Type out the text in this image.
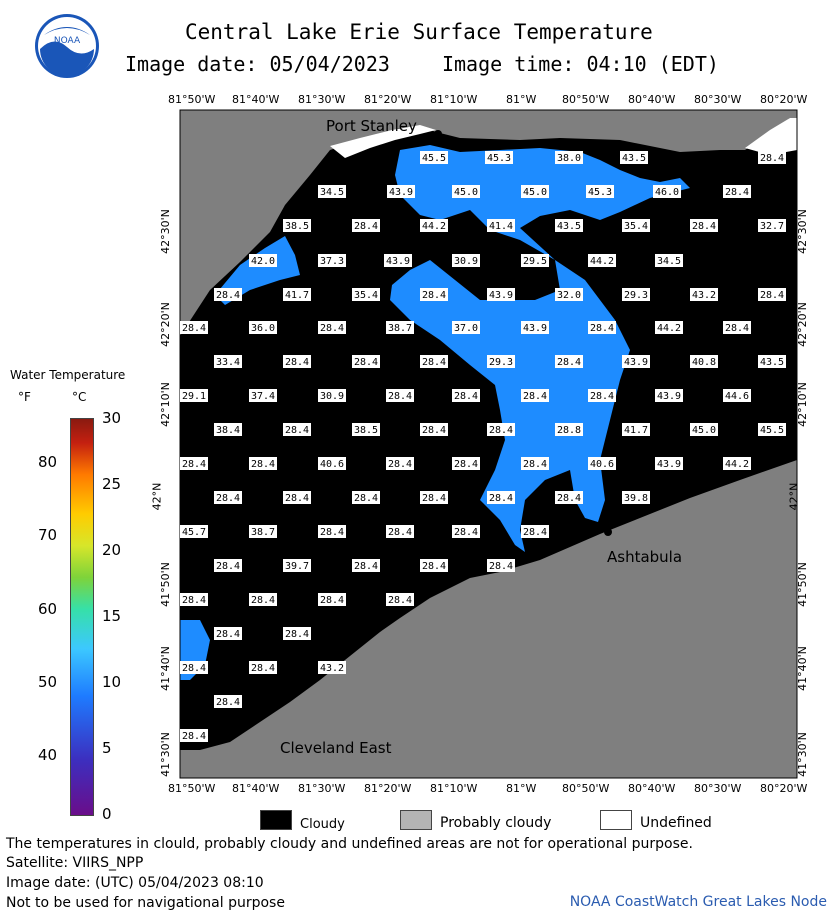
NOAA	Central Lake Erie Surface Temperature
Image date: 05/04/2023	Image time: 04:10 (EDT)
45.5	45.3	38.0	43.5	28.4
34.5	43.9	45.0	45.0	45.3	46.0	28.4
38.5	28.4	44.2	41.4	43.5	35.4	28.4	32.7
42.0	37.3	43.9	30.9	29.5	44.2	34.5
28.4	41.7	35.4	28.4	43.9	32.0	29.3	43.2	28.4
28.4	36.0	28.4	38.7	37.0	43.9	28.4	44.2	28.4
33.4	28.4	28.4	28.4	29.3	28.4	43.9	40.8	43.5
29.1	37.4	30.9	28.4	28.4	28.4	28.4	43.9	44.6
38.4	28.4	38.5	28.4	28.4	28.8	41.7	45.0	45.5
28.4	28.4	40.6	28.4	28.4	28.4	40.6	43.9	44.2
28.4	28.4	28.4	28.4	28.4	28.4	39.8
45.7	38.7	28.4	28.4	28.4	28.4
28.4	39.7	28.4	28.4	28.4
28.4	28.4	28.4	28.4
28.4	28.4
28.4	28.4	43.2
28.4
28.4
Port Stanley
Ashtabula
Cleveland East
81°50'W 81°40'W 81°30'W 81°20'W 81°10'W	81°W 80°50'W 80°40'W 80°30'W 80°20'W
81°50'W 81°40'W 81°30'W 81°20'W 81°10'W	81°W 80°50'W 80°40'W 80°30'W 80°20'W
42°30'N
42°20'N
42°10'N
42°N
41°50'N
41°40'N
41°30'N
42°30'N
42°20'N
42°10'N
42°N
41°50'N
41°40'N
41°30'N
Water Temperature
°F	°C
80
70
60
50
40
30
25
20
15
10
5
0
Cloudy	Probably cloudy	Undefined
The temperatures in clould, probably cloudy and undefined areas are not for operational purpose.
Satellite: VIIRS_NPP
Image date: (UTC) 05/04/2023 08:10
Not to be used for navigational purpose	NOAA CoastWatch Great Lakes Node
